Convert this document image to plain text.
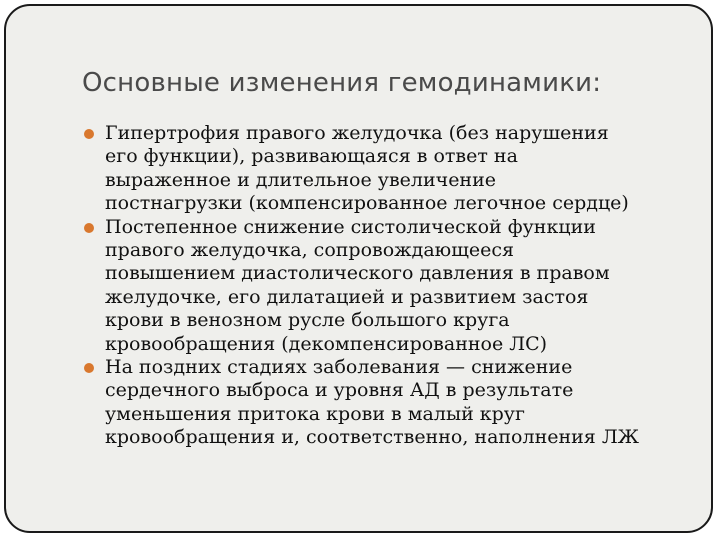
Основные изменения гемодинамики:
Гипертрофия правого желудочка (без нарушения
его функции), развивающаяся в ответ на
выраженное и длительное увеличение
постнагрузки (компенсированное легочное сердце)
Постепенное снижение систолической функции
правого желудочка, сопровождающееся
повышением диастолического давления в правом
желудочке, его дилатацией и развитием застоя
крови в венозном русле большого круга
кровообращения (декомпенсированное ЛС)
На поздних стадиях заболевания — снижение
сердечного выброса и уровня АД в результате
уменьшения притока крови в малый круг
кровообращения и, соответственно, наполнения ЛЖ
